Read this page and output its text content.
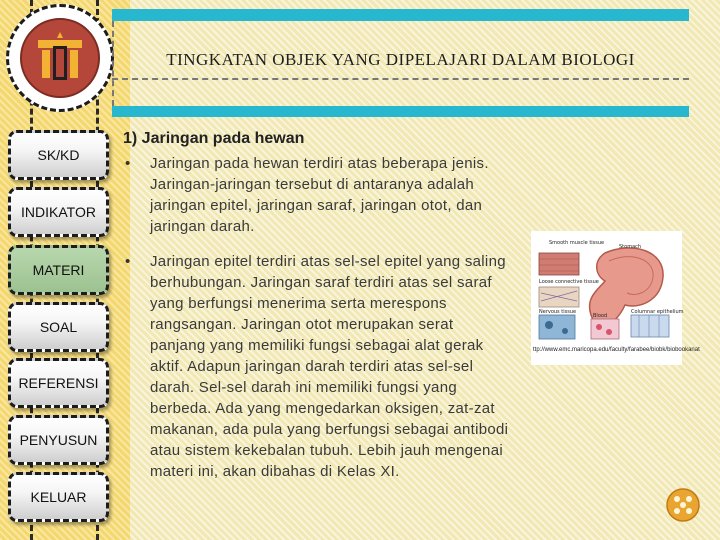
SK/KD
INDIKATOR
MATERI
SOAL
REFERENSI
PENYUSUN
KELUAR
TINGKATAN OBJEK YANG DIPELAJARI DALAM BIOLOGI
1) Jaringan pada hewan
•	Jaringan pada hewan terdiri atas beberapa jenis. Jaringan-jaringan tersebut di antaranya adalah jaringan epitel, jaringan saraf, jaringan otot, dan jaringan darah.
•	Jaringan epitel terdiri atas sel-sel epitel yang saling berhubungan. Jaringan saraf terdiri atas sel saraf yang berfungsi menerima serta merespons rangsangan. Jaringan otot merupakan serat panjang yang memiliki fungsi sebagai alat gerak aktif. Adapun jaringan darah terdiri atas sel-sel darah. Sel-sel darah ini memiliki fungsi yang berbeda. Ada yang mengedarkan oksigen, zat-zat makanan, ada pula yang berfungsi sebagai antibodi atau sistem kekebalan tubuh. Lebih jauh mengenai materi ini, akan dibahas di Kelas XI.
Smooth muscle tissue
Stomach
Loose connective tissue
Nervous tissue
Blood
Columnar epithelium
ttp://www.emc.maricopa.edu/faculty/farabee/biobk/biobookanat
